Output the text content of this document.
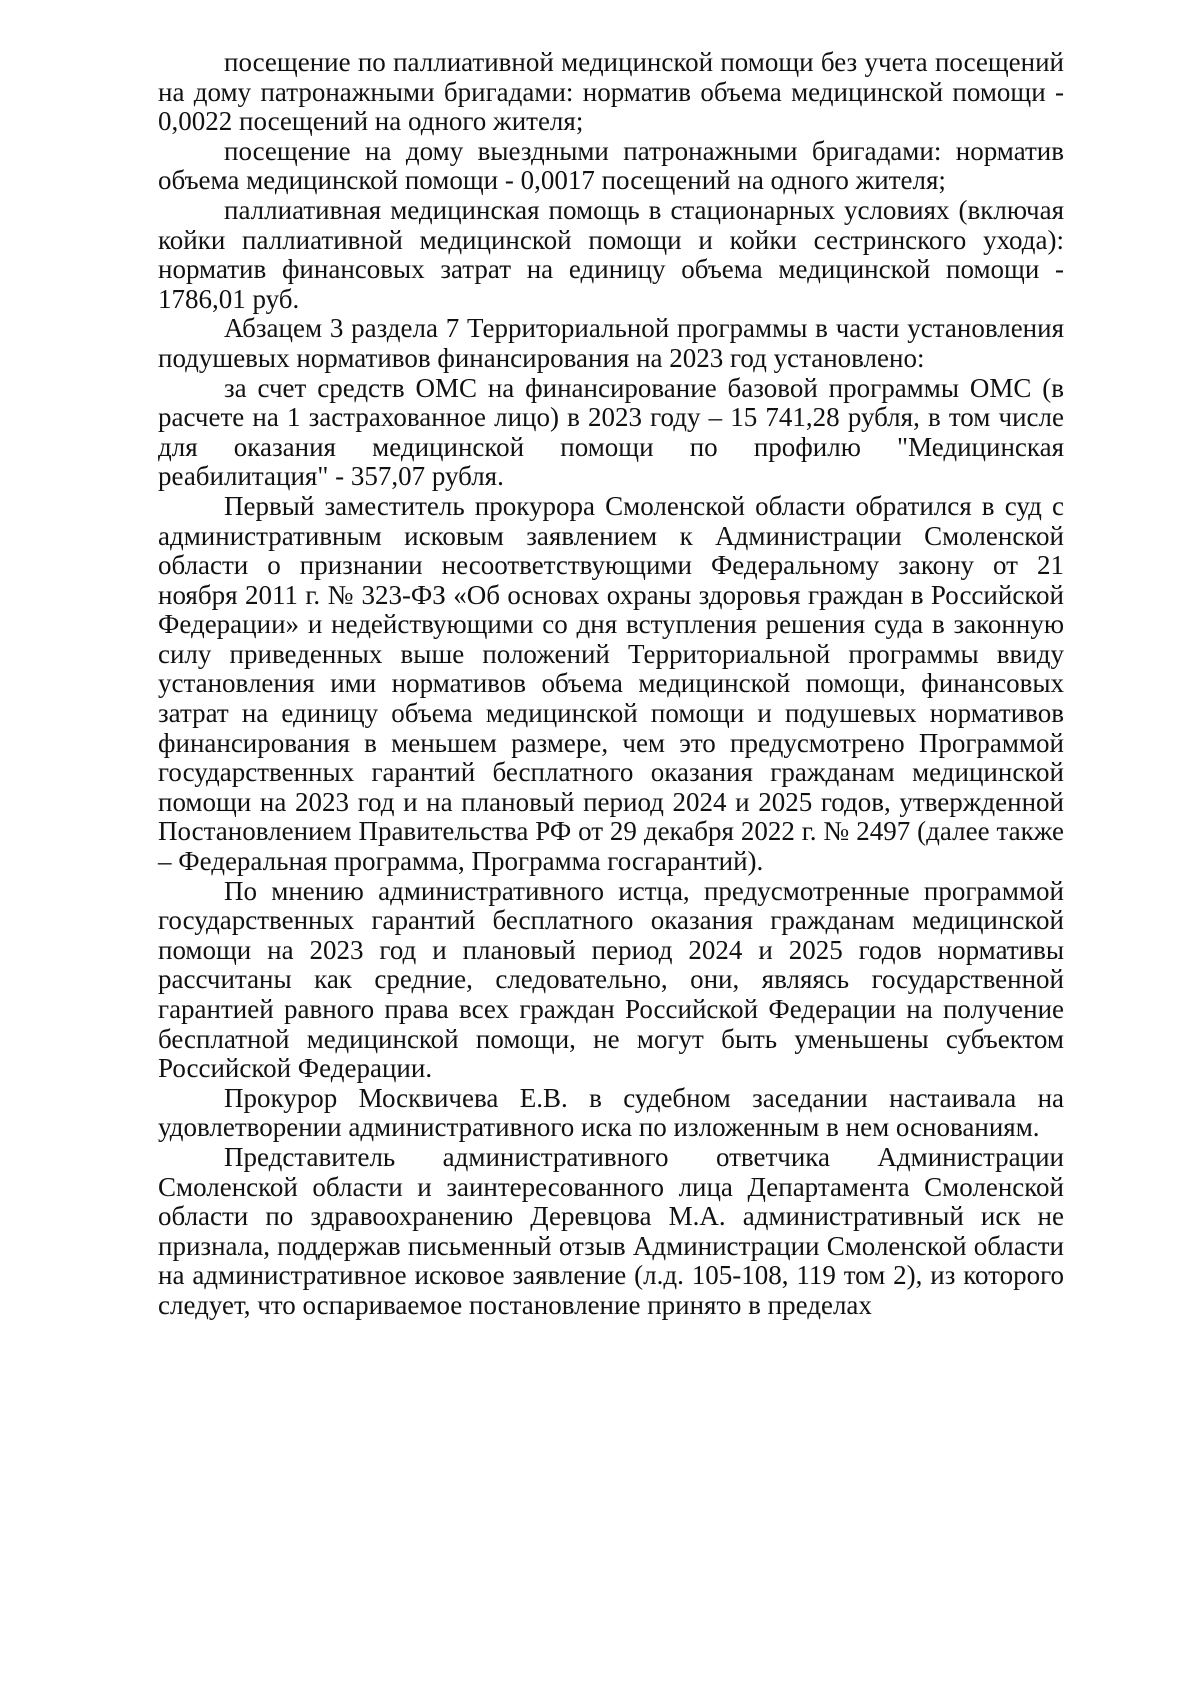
посещение по паллиативной медицинской помощи без учета посещений на дому патронажными бригадами: норматив объема медицинской помощи - 0,0022 посещений на одного жителя;

посещение на дому выездными патронажными бригадами: норматив объема медицинской помощи - 0,0017 посещений на одного жителя;

паллиативная медицинская помощь в стационарных условиях (включая койки паллиативной медицинской помощи и койки сестринского ухода): норматив финансовых затрат на единицу объема медицинской помощи - 1786,01 руб.

Абзацем 3 раздела 7 Территориальной программы в части установления подушевых нормативов финансирования на 2023 год установлено:

за счет средств ОМС на финансирование базовой программы ОМС (в расчете на 1 застрахованное лицо) в 2023 году – 15 741,28 рубля, в том числе для оказания медицинской помощи по профилю "Медицинская реабилитация" - 357,07 рубля.

Первый заместитель прокурора Смоленской области обратился в суд с административным исковым заявлением к Администрации Смоленской области о признании несоответствующими Федеральному закону от 21 ноября 2011 г. № 323-ФЗ «Об основах охраны здоровья граждан в Российской Федерации» и недействующими со дня вступления решения суда в законную силу приведенных выше положений Территориальной программы ввиду установления ими нормативов объема медицинской помощи, финансовых затрат на единицу объема медицинской помощи и подушевых нормативов финансирования в меньшем размере, чем это предусмотрено Программой государственных гарантий бесплатного оказания гражданам медицинской помощи на 2023 год и на плановый период 2024 и 2025 годов, утвержденной Постановлением Правительства РФ от 29 декабря 2022 г. № 2497 (далее также – Федеральная программа, Программа госгарантий).

По мнению административного истца, предусмотренные программой государственных гарантий бесплатного оказания гражданам медицинской помощи на 2023 год и плановый период 2024 и 2025 годов нормативы рассчитаны как средние, следовательно, они, являясь государственной гарантией равного права всех граждан Российской Федерации на получение бесплатной медицинской помощи, не могут быть уменьшены субъектом Российской Федерации.

Прокурор Москвичева Е.В. в судебном заседании настаивала на удовлетворении административного иска по изложенным в нем основаниям.

Представитель административного ответчика Администрации Смоленской области и заинтересованного лица Департамента Смоленской области по здравоохранению Деревцова М.А. административный иск не признала, поддержав письменный отзыв Администрации Смоленской области на административное исковое заявление (л.д. 105-108, 119 том 2), из которого следует, что оспариваемое постановление принято в пределах
